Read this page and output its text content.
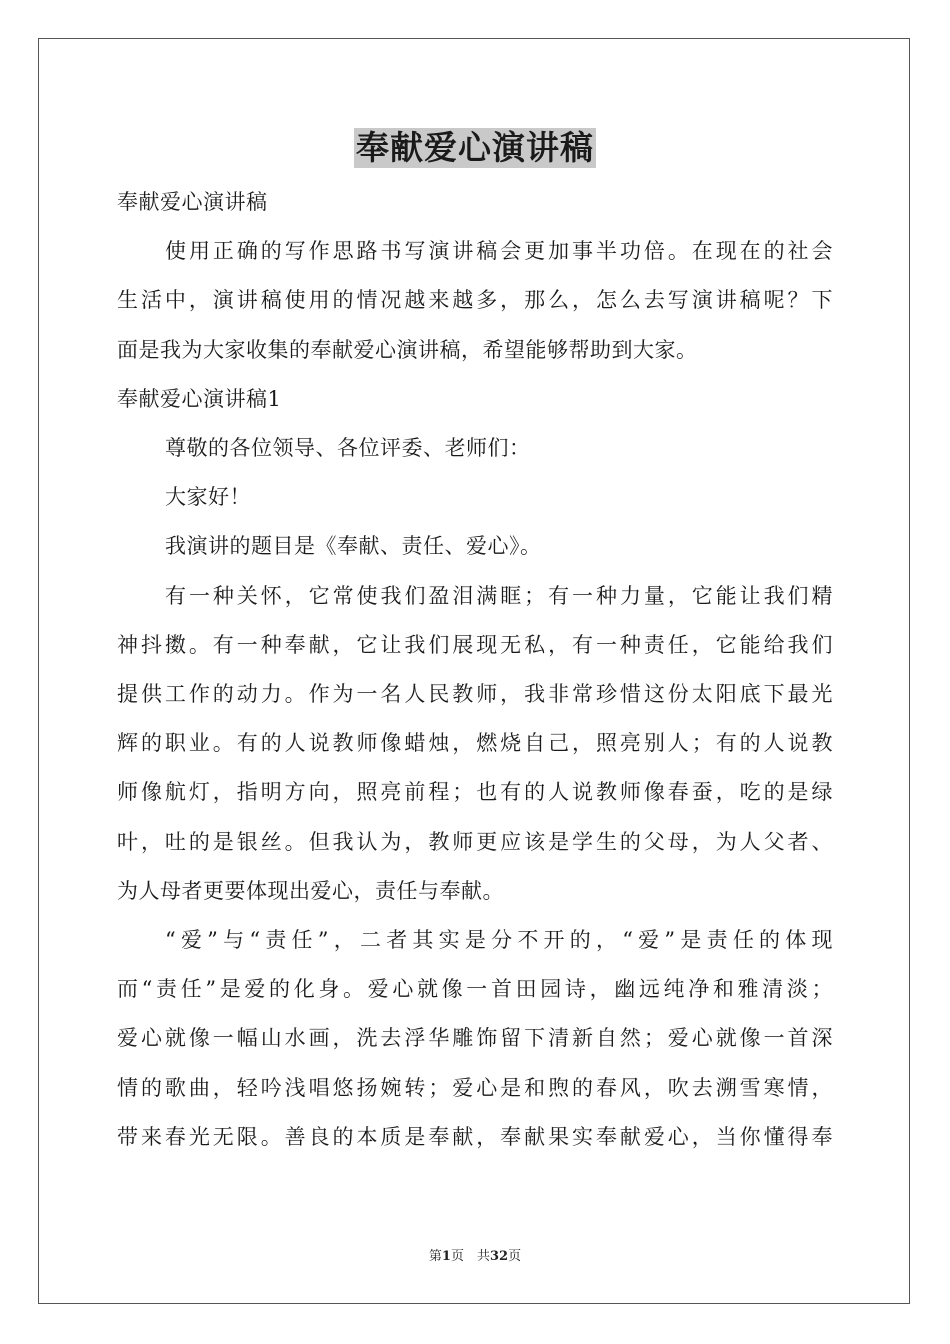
奉献爱心演讲稿

奉献爱心演讲稿

使用正确的写作思路书写演讲稿会更加事半功倍。在现在的社会

生活中，演讲稿使用的情况越来越多，那么，怎么去写演讲稿呢？下

面是我为大家收集的奉献爱心演讲稿，希望能够帮助到大家。

奉献爱心演讲稿1

尊敬的各位领导、各位评委、老师们：

大家好！

我演讲的题目是《奉献、责任、爱心》。

有一种关怀，它常使我们盈泪满眶；有一种力量，它能让我们精

神抖擞。有一种奉献，它让我们展现无私，有一种责任，它能给我们

提供工作的动力。作为一名人民教师，我非常珍惜这份太阳底下最光

辉的职业。有的人说教师像蜡烛，燃烧自己，照亮别人；有的人说教

师像航灯，指明方向，照亮前程；也有的人说教师像春蚕，吃的是绿

叶，吐的是银丝。但我认为，教师更应该是学生的父母，为人父者、

为人母者更要体现出爱心，责任与奉献。

“爱”与“责任”，二者其实是分不开的，“爱”是责任的体现

而“责任”是爱的化身。爱心就像一首田园诗，幽远纯净和雅清淡；

爱心就像一幅山水画，洗去浮华雕饰留下清新自然；爱心就像一首深

情的歌曲，轻吟浅唱悠扬婉转；爱心是和煦的春风，吹去溯雪寒情，

带来春光无限。善良的本质是奉献，奉献果实奉献爱心，当你懂得奉

第1页　共32页
